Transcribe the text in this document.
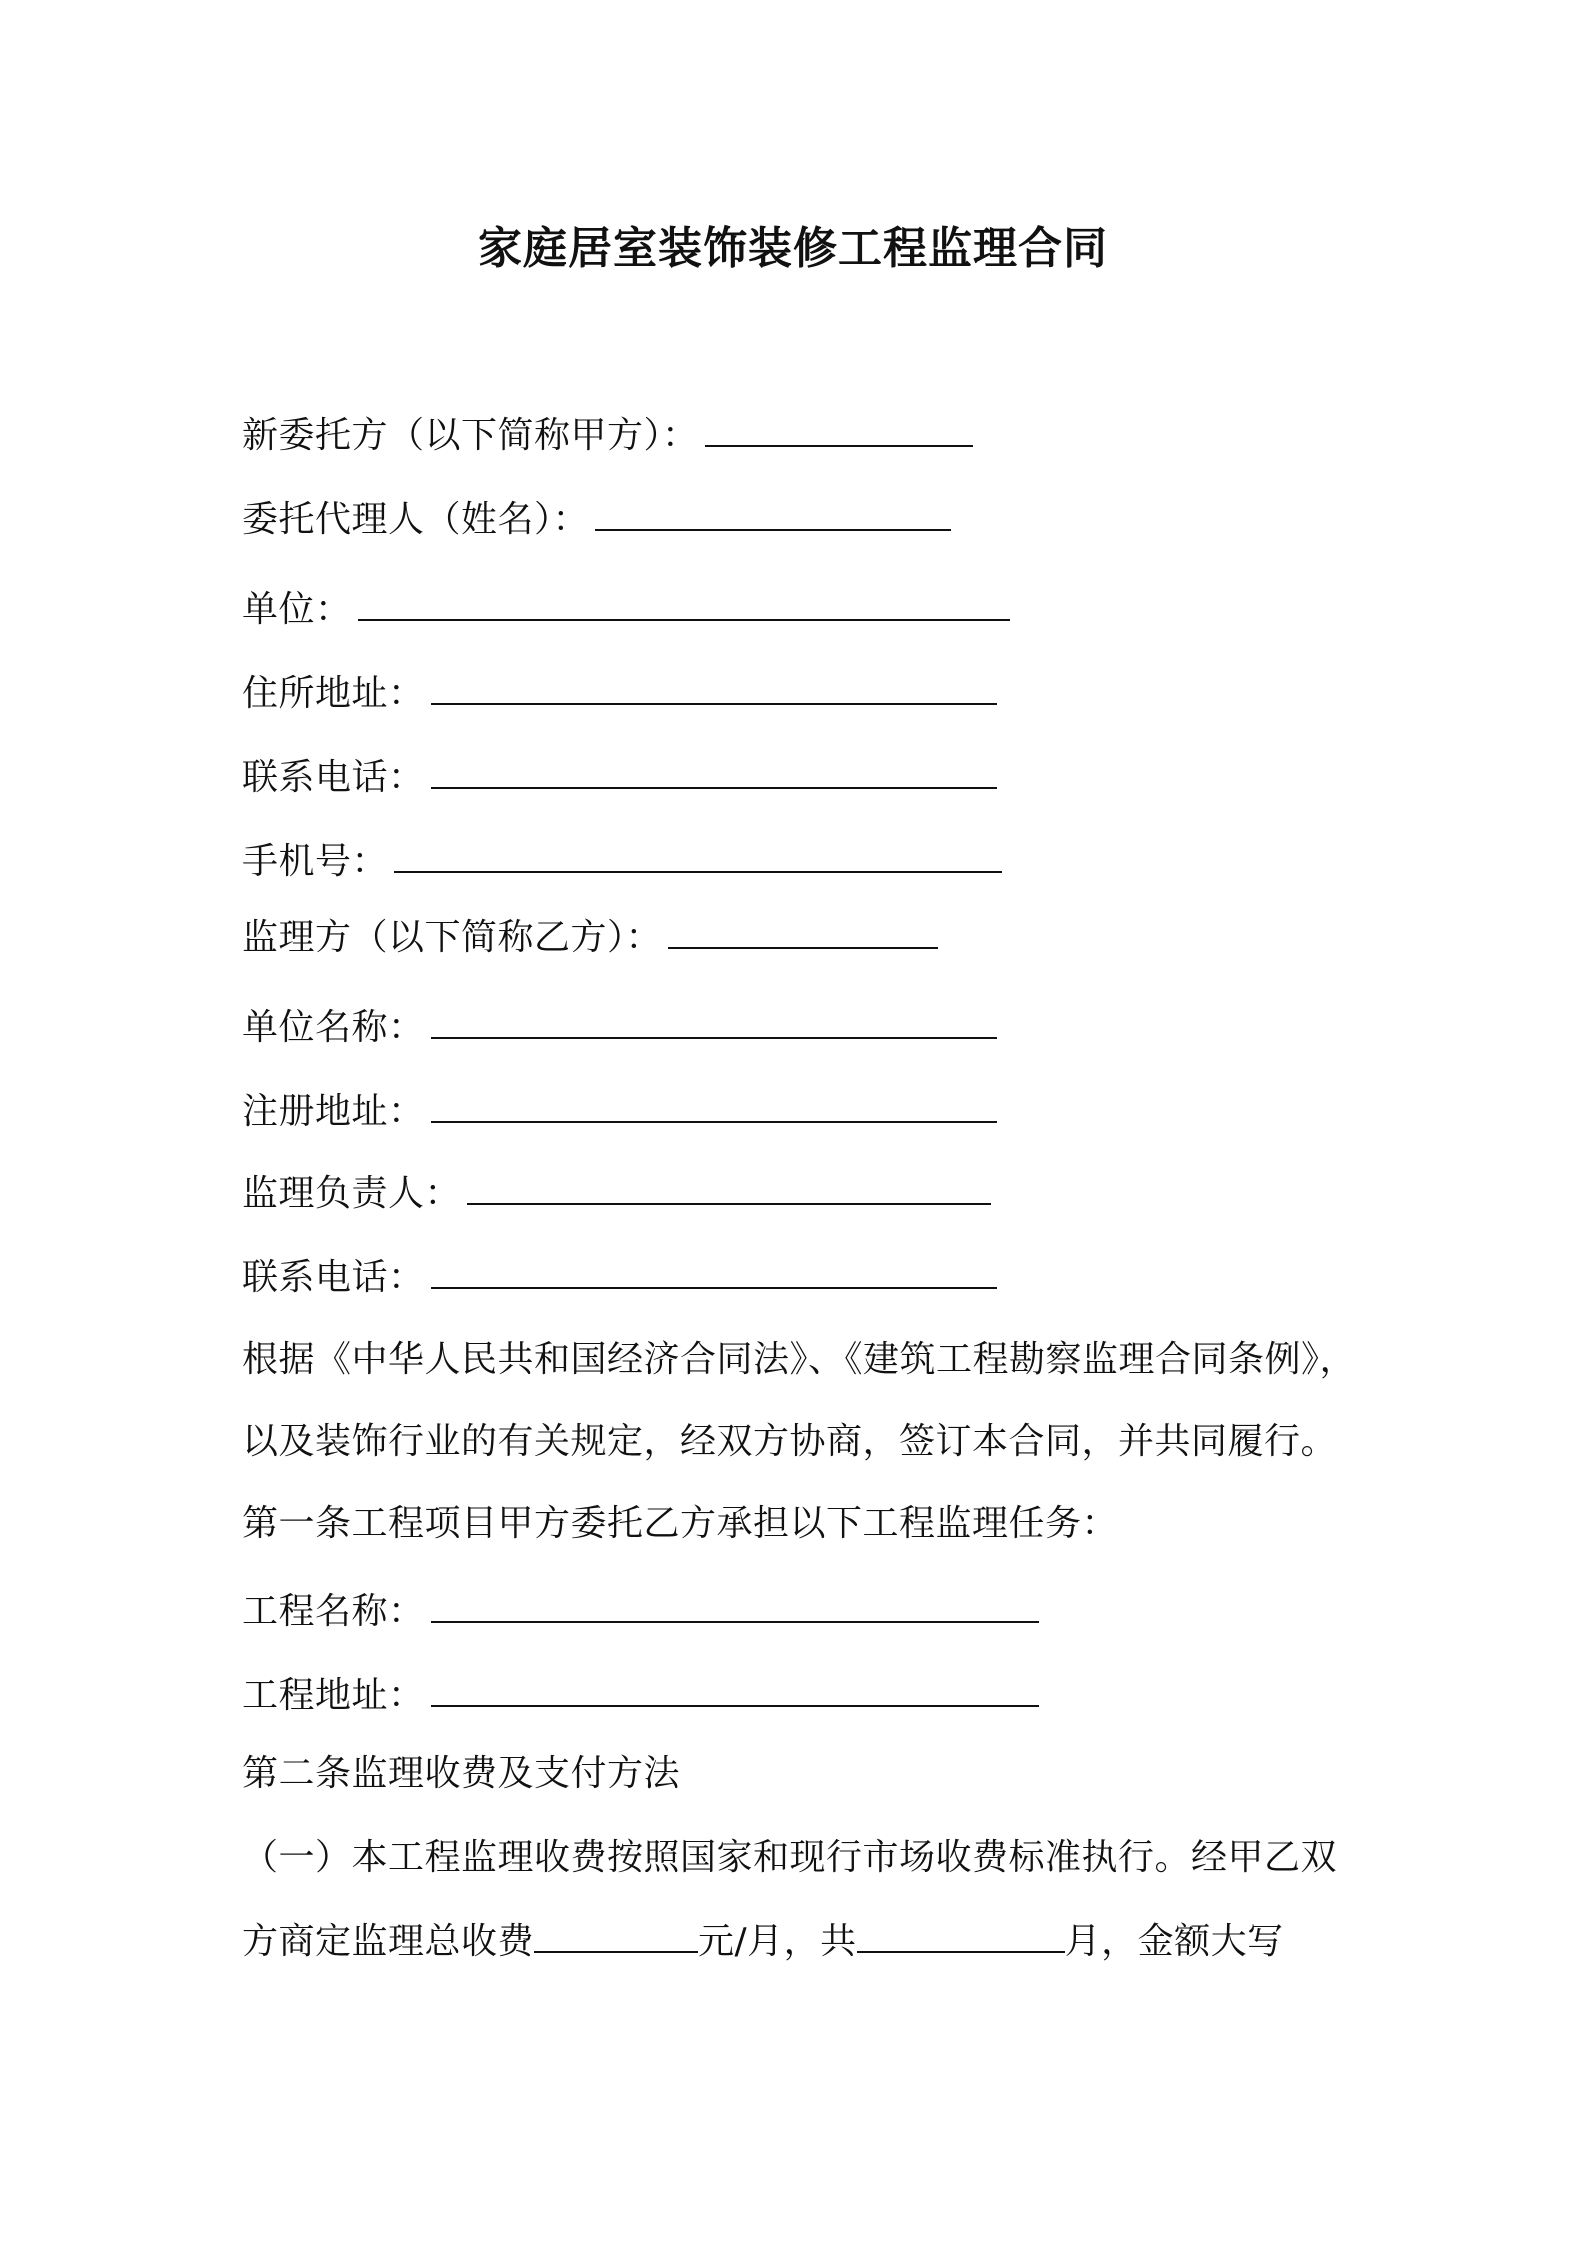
家庭居室装饰装修工程监理合同
新委托方（以下简称甲方）：
委托代理人（姓名）：
单位：
住所地址：
联系电话：
手机号：
监理方（以下简称乙方）：
单位名称：
注册地址：
监理负责人：
联系电话：
根据《中华人民共和国经济合同法》、《建筑工程勘察监理合同条例》，
以及装饰行业的有关规定，经双方协商，签订本合同，并共同履行。
第一条工程项目甲方委托乙方承担以下工程监理任务：
工程名称：
工程地址：
第二条监理收费及支付方法
（一）本工程监理收费按照国家和现行市场收费标准执行。经甲乙双
方商定监理总收费	元/月，共	月，金额大写
